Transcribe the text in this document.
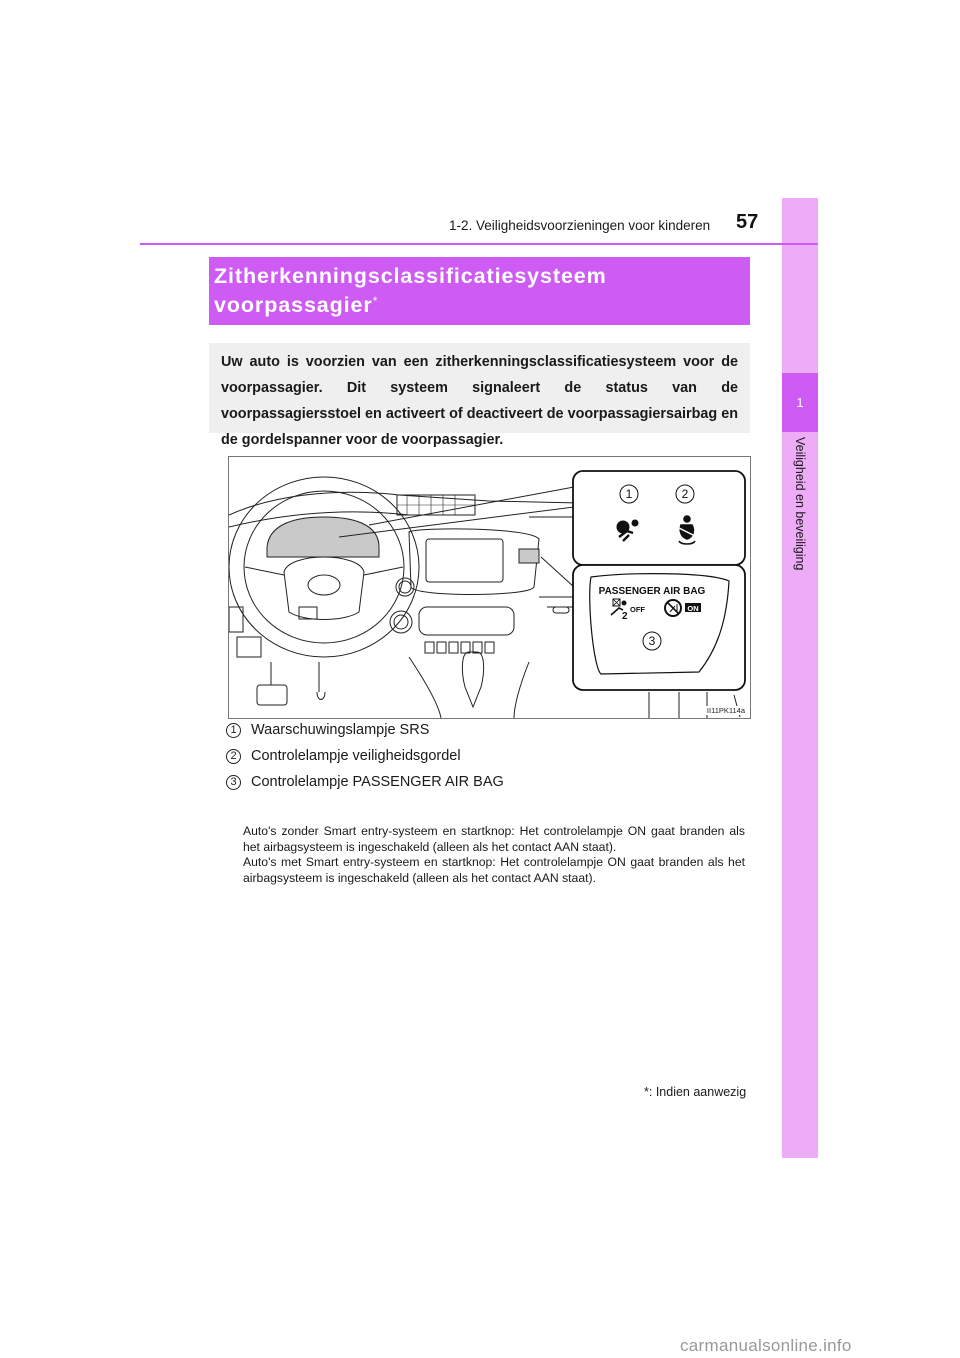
1
Veiligheid en beveiliging
1-2. Veiligheidsvoorzieningen voor kinderen 57
Zitherkenningsclassificatiesysteem
voorpassagier*
Uw auto is voorzien van een zitherkenningsclassificatiesysteem voor de voorpassagier. Dit systeem signaleert de status van de voorpassagiersstoel en activeert of deactiveert de voorpassagiersairbag en de gordelspanner voor de voorpassagier.
1	2
3
PASSENGER AIR BAG
2
OFF	ON
II11PK114a
1 Waarschuwingslampje SRS
2 Controlelampje veiligheidsgordel
3 Controlelampje PASSENGER AIR BAG

Auto's zonder Smart entry-systeem en startknop: Het controlelampje ON gaat branden als het airbagsysteem is ingeschakeld (alleen als het contact AAN staat).

Auto's met Smart entry-systeem en startknop: Het controlelampje ON gaat branden als het airbagsysteem is ingeschakeld (alleen als het contact AAN staat).

*: Indien aanwezig
carmanualsonline.info
